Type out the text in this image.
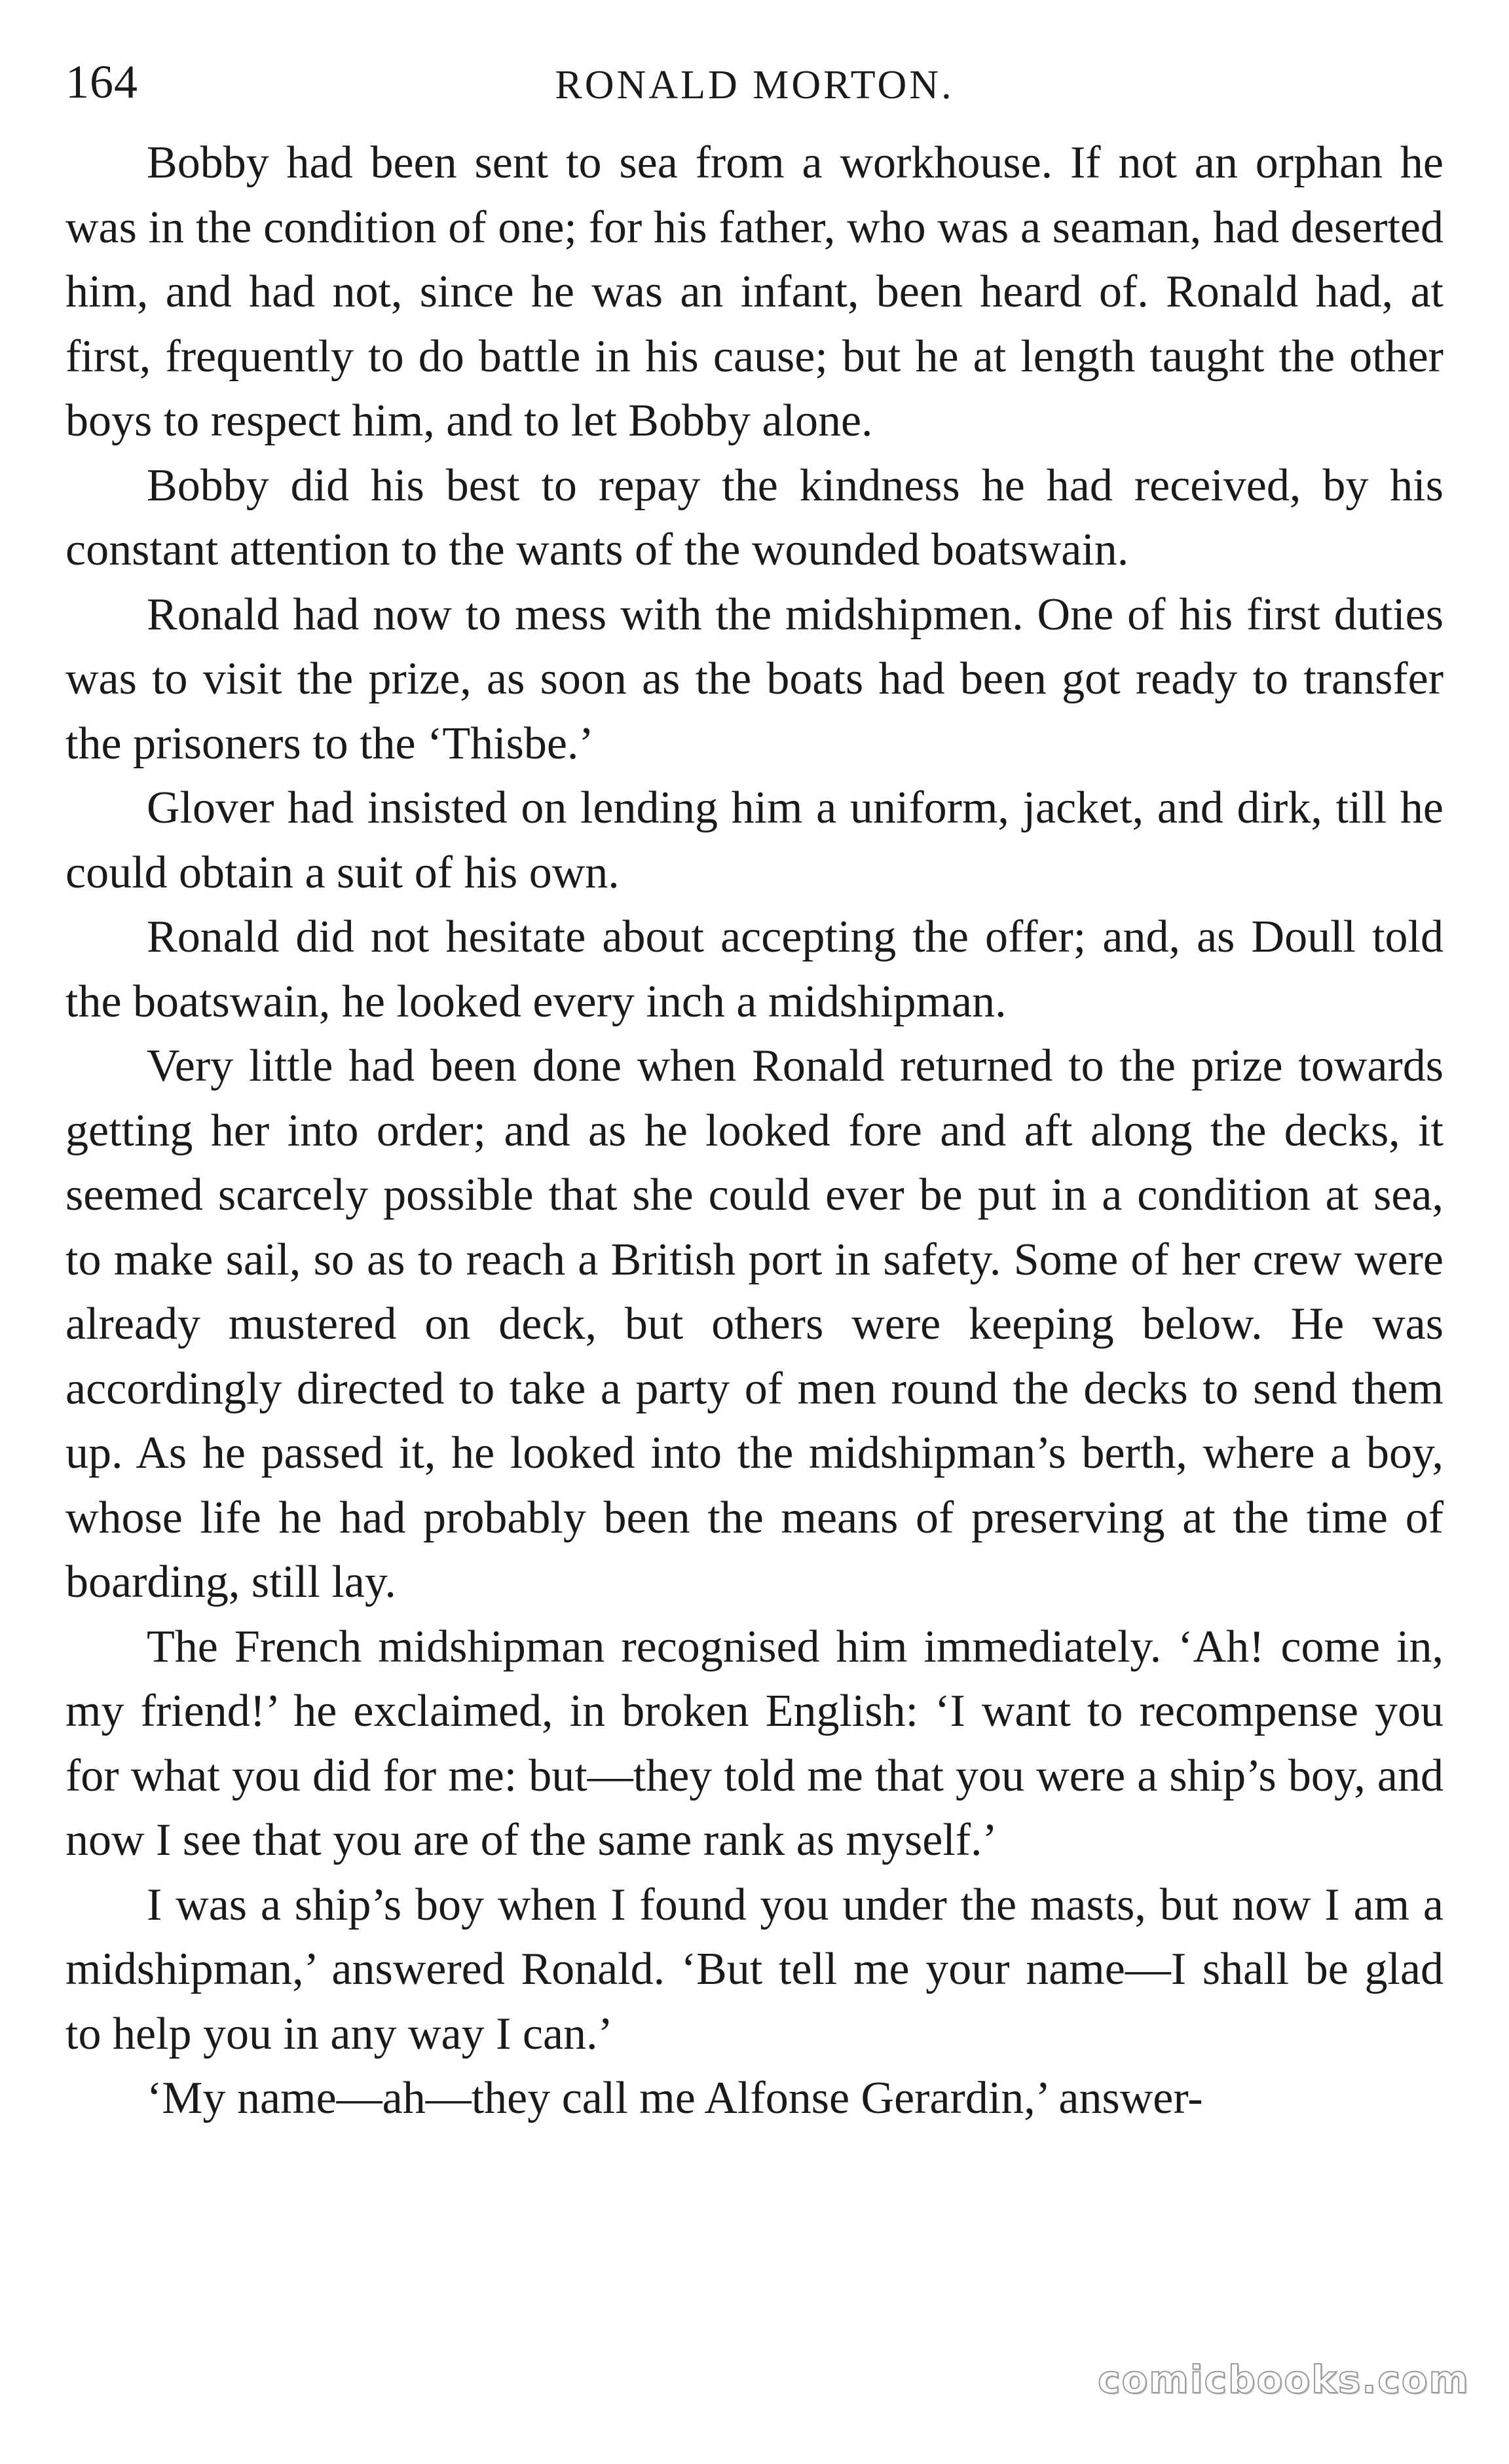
164	RONALD MORTON.

Bobby had been sent to sea from a workhouse. If not an orphan he was in the condition of one; for his father, who was a seaman, had deserted him, and had not, since he was an infant, been heard of. Ronald had, at first, frequently to do battle in his cause; but he at length taught the other boys to respect him, and to let Bobby alone.

Bobby did his best to repay the kindness he had received, by his constant attention to the wants of the wounded boatswain.

Ronald had now to mess with the midshipmen. One of his first duties was to visit the prize, as soon as the boats had been got ready to transfer the prisoners to the ‘Thisbe.’

Glover had insisted on lending him a uniform, jacket, and dirk, till he could obtain a suit of his own.

Ronald did not hesitate about accepting the offer; and, as Doull told the boatswain, he looked every inch a midshipman.

Very little had been done when Ronald returned to the prize towards getting her into order; and as he looked fore and aft along the decks, it seemed scarcely possible that she could ever be put in a condition at sea, to make sail, so as to reach a British port in safety. Some of her crew were already mustered on deck, but others were keeping below. He was accordingly directed to take a party of men round the decks to send them up. As he passed it, he looked into the midshipman’s berth, where a boy, whose life he had probably been the means of preserving at the time of boarding, still lay.

The French midshipman recognised him immediately. ‘Ah! come in, my friend!’ he exclaimed, in broken English: ‘I want to recompense you for what you did for me: but—they told me that you were a ship’s boy, and now I see that you are of the same rank as myself.’

I was a ship’s boy when I found you under the masts, but now I am a midshipman,’ answered Ronald. ‘But tell me your name—I shall be glad to help you in any way I can.’

‘My name—ah—they call me Alfonse Gerardin,’ answer-

comicbooks.com
